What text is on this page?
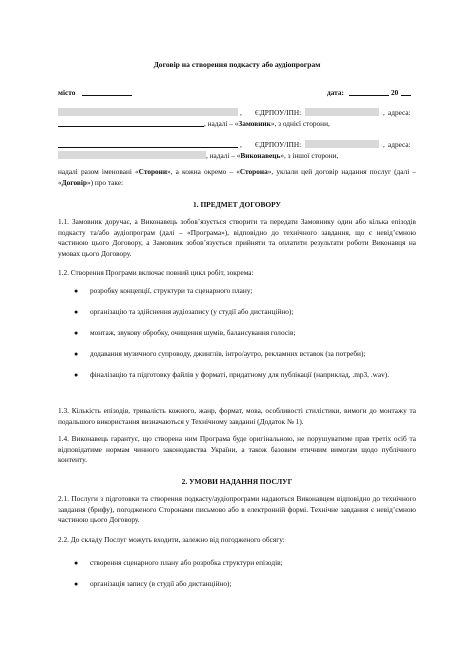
Договір на створення подкасту або аудіопрограм
місто	дата:	20
, ЄДРПОУ/ІПН:	, адреса:
, надалі – «Замовник», з однієї сторони,
, ЄДРПОУ/ІПН:	, адреса:
, надалі – «Виконавець», з іншої сторони,
надалі разом іменовані «Сторони», а кожна окремо – «Сторона», уклали цей договір надання послуг (далі – «Договір») про таке:
1. ПРЕДМЕТ ДОГОВОРУ
1.1. Замовник доручає, а Виконавець зобов’язується створити та передати Замовнику один або кілька епізодів подкасту та/або аудіопрограм (далі – «Програма»), відповідно до технічного завдання, що є невід’ємною частиною цього Договору, а Замовник зобов’язується прийняти та оплатити результати роботи Виконавця на умовах цього Договору.
1.2. Створення Програми включає повний цикл робіт, зокрема:
● розробку концепції, структури та сценарного плану;
● організацію та здійснення аудіозапису (у студії або дистанційно);
● монтаж, звукову обробку, очищення шумів, балансування голосів;
● додавання музичного супроводу, джинглів, інтро/аутро, рекламних вставок (за потреби);
● фіналізацію та підготовку файлів у форматі, придатному для публікації (наприклад, .mp3, .wav).
1.3. Кількість епізодів, тривалість кожного, жанр, формат, мова, особливості стилістики, вимоги до монтажу та подальшого використання визначаються у Технічному завданні (Додаток № 1).
1.4. Виконавець гарантує, що створена ним Програма буде оригінальною, не порушуватиме прав третіх осіб та відповідатиме нормам чинного законодавства України, а також базовим етичним вимогам щодо публічного контенту.
2. УМОВИ НАДАННЯ ПОСЛУГ
2.1. Послуги з підготовки та створення подкасту/аудіопрограми надаються Виконавцем відповідно до технічного завдання (брифу), погодженого Сторонами письмово або в електронній формі. Технічне завдання є невід’ємною частиною цього Договору.
2.2. До складу Послуг можуть входити, залежно від погодженого обсягу:
● створення сценарного плану або розробка структури епізодів;
● організація запису (в студії або дистанційно);
